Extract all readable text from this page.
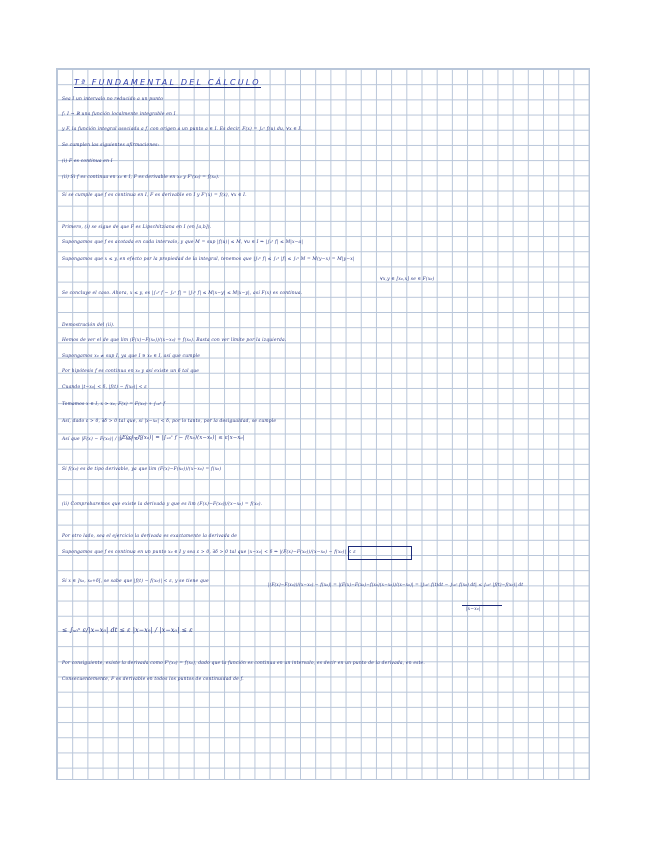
Tª FUNDAMENTAL DEL CÁLCULO
Sea I un intervalo no reducido a un punto
f: I → ℝ una función localmente integrable en I
y F, la función integral asociada a f, con origen a un punto a ∈ I. Es decir, F(x) = ∫ₐˣ f(u) du, ∀x ∈ I.
Se cumplen las siguientes afirmaciones:
(i) F es continua en I
(ii) Si f es continua en x₀ ∈ I, F es derivable en x₀ y F'(x₀) = f(x₀).
Si se cumple que f es continua en I, F es derivable en I y F'(x) = f(x), ∀x ∈ I.
Primero, (i) se sigue de que F es Lipschitziana en I (en [a,b]).
Supongamos que f es acotada en cada intervalo, y que M = sup |f(u)| ≤ M, ∀u ∈ I ⇒ |∫ₐˣ f| ≤ M|x−a|
Supongamos que x ≤ y, en efecto por la propiedad de la integral, tenemos que |∫ₓʸ f| ≤ ∫ₓʸ |f| ≤ ∫ₓʸ M = M(y−x) = M|y−x|
∀x,y ∈ [x₀,x] se ∈ F(x₀)
Se concluye el caso. Ahora, x ≤ y, es |∫ₐʸ f − ∫ₐˣ f| = |∫ₓʸ f| ≤ M|x−y| ≤ M|x−y|, así F(x) es continua.
Demostración del (ii).
Hemos de ver el de que lim (F(x)−F(x₀))/(x−x₀) = f(x₀). Basta con ver límite por la izquierda.
Supongamos x₀ ≠ sup I, ya que I ∋ x₀ ∈ I, así que cumple
Por hipótesis f es continua en x₀ y así existe un δ tal que
Cuando |t−x₀| < δ, |f(t) − f(x₀)| < ε
Tomamos x ∈ I, x > x₀, F(x) = F(x₀) + ∫ₓ₀ˣ f
Así, dado ε > 0, ∃δ > 0 tal que, si |x−x₀| < δ, por lo tanto, por la desigualdad, se cumple
Así que |F(x) − F(x₀)| / |x−x₀| ≤ ε
|F(x)−F(x₀)| = |∫ₓ₀ˣ f − f(x₀)(x−x₀)| ≤ ε|x−x₀|
Si f(x₀) es de tipo derivable, ya que lim (F(x)−F(x₀))/(x−x₀) = f(x₀)
(ii) Comprobaremos que existe la derivada y que es lim (F(x)−F(x₀))/(x−x₀) = f(x₀).
Por otro lado, sea el ejercicio la derivada es exactamente la derivada de
Supongamos que f es continua en un punto x₀ ∈ I y sea ε > 0, ∃δ > 0 tal que |x−x₀| < δ ⇒ |(F(x)−F(x₀))/(x−x₀) − f(x₀)| < ε
Si x ∈ ]x₀, x₀+δ[, se sabe que |f(t) − f(x₀)| < ε, y se tiene que
|(F(x)−F(x₀))/(x−x₀) − f(x₀)| = |(F(x)−F(x₀)−f(x₀)(x−x₀))/(x−x₀)| = |∫ₓ₀ˣ f(t)dt − ∫ₓ₀ˣ f(x₀) dt| ≤ ∫ₓ₀ˣ |f(t)−f(x₀)| dt
|x−x₀|
≤ ∫ₓ₀ˣ ε/|x−x₀| dt ≤ ε |x−x₀| / |x−x₀| ≤ ε
Por consiguiente, existe la derivada como F'(x₀) = f(x₀), dado que la función es continua en un intervalo, es decir en un punto de la derivada, en este.
Consecuentemente, F es derivable en todos los puntos de continuidad de f.
